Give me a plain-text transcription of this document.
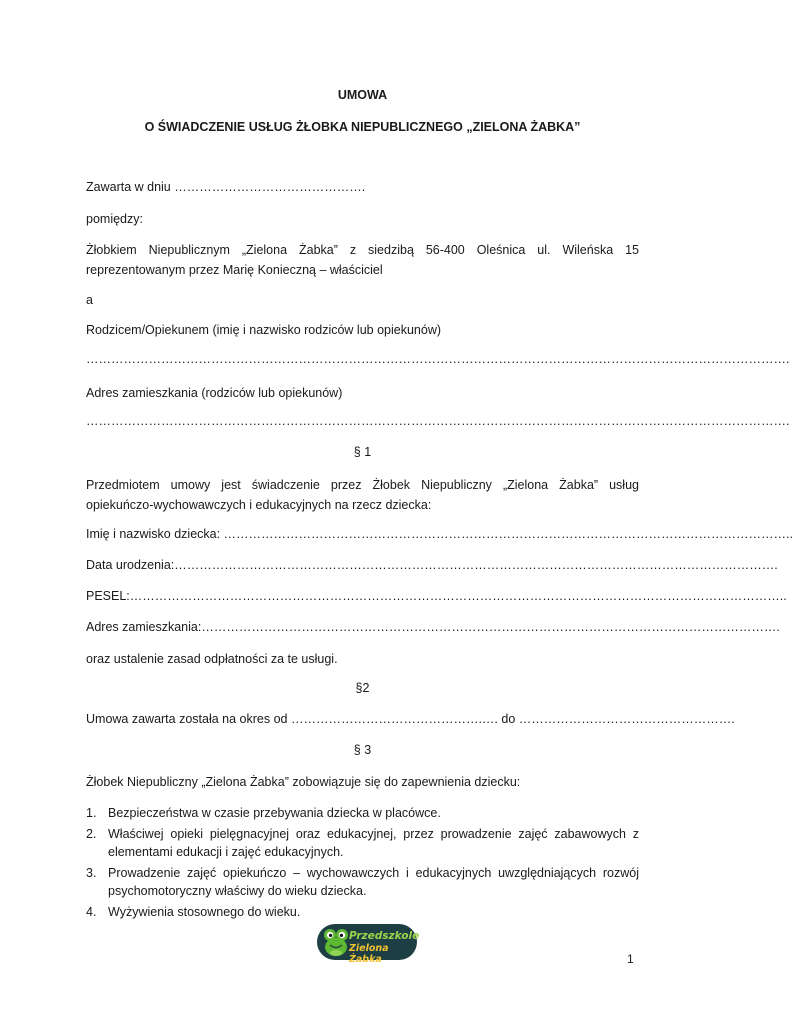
UMOWA
O ŚWIADCZENIE USŁUG ŻŁOBKA NIEPUBLICZNEGO „ZIELONA ŻABKA”
Zawarta w dniu ……………………………………….
pomiędzy:
Żłobkiem Niepublicznym „Zielona Żabka” z siedzibą 56-400 Oleśnica ul. Wileńska 15 reprezentowanym przez Marię Konieczną – właściciel
a
Rodzicem/Opiekunem (imię i nazwisko rodziców lub opiekunów)
…………………………………………………………………………………………………………………………………………………….
Adres zamieszkania (rodziców lub opiekunów)
…………………………………………………………………………………………………………………………………………………….
§ 1
Przedmiotem umowy jest świadczenie przez Żłobek Niepubliczny „Zielona Żabka” usług opiekuńczo-wychowawczych i edukacyjnych na rzecz dziecka:
Imię i nazwisko dziecka: ………………………………………………………………………………………………………………………..
Data urodzenia:……………………………………………………………………………………………………………………………….
PESEL:…………………………………………………………………………………………………………………………………………..
Adres zamieszkania:………………………………………………………………………………………………………………………….
oraz ustalenie zasad odpłatności za te usługi.
§2
Umowa zawarta została na okres od ……………………………………….…. do …………………………………………….
§ 3
Żłobek Niepubliczny „Zielona Żabka” zobowiązuje się do zapewnienia dziecku:
1. Bezpieczeństwa w czasie przebywania dziecka w placówce.
2. Właściwej opieki pielęgnacyjnej oraz edukacyjnej, przez prowadzenie zajęć zabawowych z elementami edukacji i zajęć edukacyjnych.
3. Prowadzenie zajęć opiekuńczo – wychowawczych i edukacyjnych uwzględniających rozwój psychomotoryczny właściwy do wieku dziecka.
4. Wyżywienia stosownego do wieku.
Przedszkole
Zielona Żabka	1
